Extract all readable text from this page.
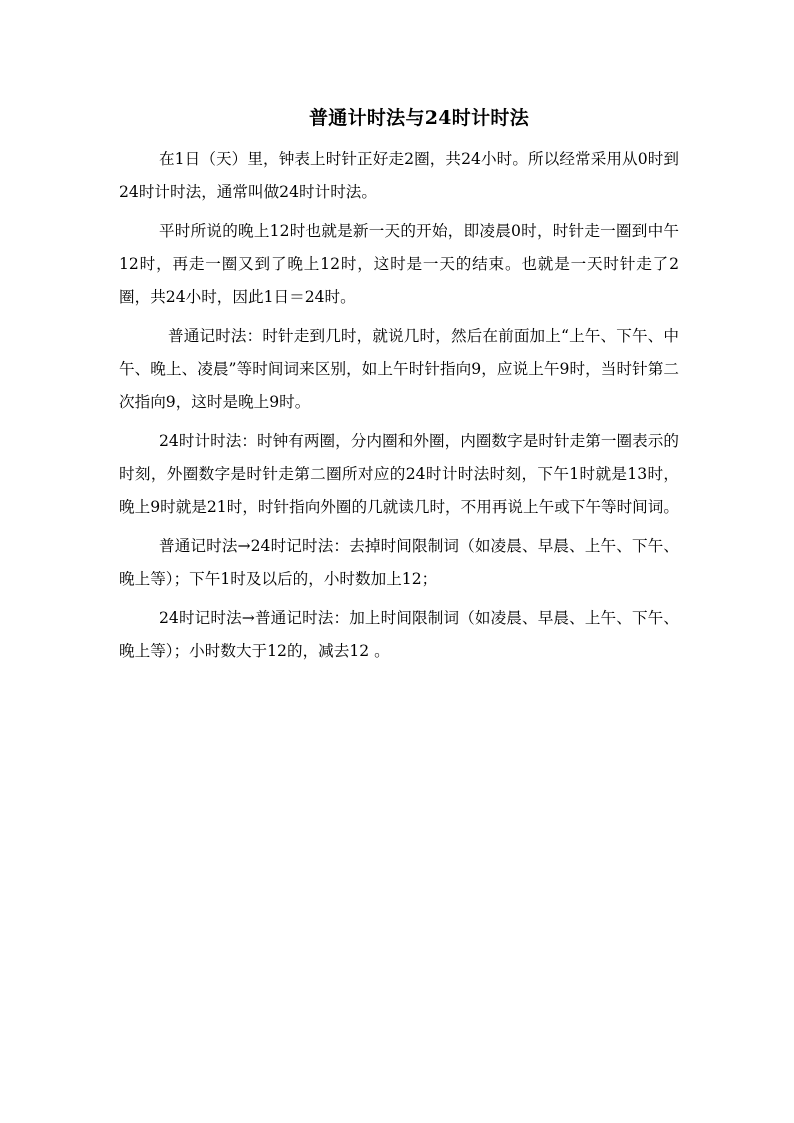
普通计时法与24时计时法

在1日（天）里，钟表上时针正好走2圈，共24小时。所以经常采用从0时到24时计时法，通常叫做24时计时法。

平时所说的晚上12时也就是新一天的开始，即凌晨0时，时针走一圈到中午12时，再走一圈又到了晚上12时，这时是一天的结束。也就是一天时针走了2圈，共24小时，因此1日＝24时。

普通记时法：时针走到几时，就说几时，然后在前面加上“上午、下午、中午、晚上、凌晨”等时间词来区别，如上午时针指向9，应说上午9时，当时针第二次指向9，这时是晚上9时。

24时计时法：时钟有两圈，分内圈和外圈，内圈数字是时针走第一圈表示的时刻，外圈数字是时针走第二圈所对应的24时计时法时刻，下午1时就是13时，晚上9时就是21时，时针指向外圈的几就读几时，不用再说上午或下午等时间词。

普通记时法→24时记时法：去掉时间限制词（如凌晨、早晨、上午、下午、晚上等）；下午1时及以后的，小时数加上12；

24时记时法→普通记时法：加上时间限制词（如凌晨、早晨、上午、下午、晚上等）；小时数大于12的，减去12 。
